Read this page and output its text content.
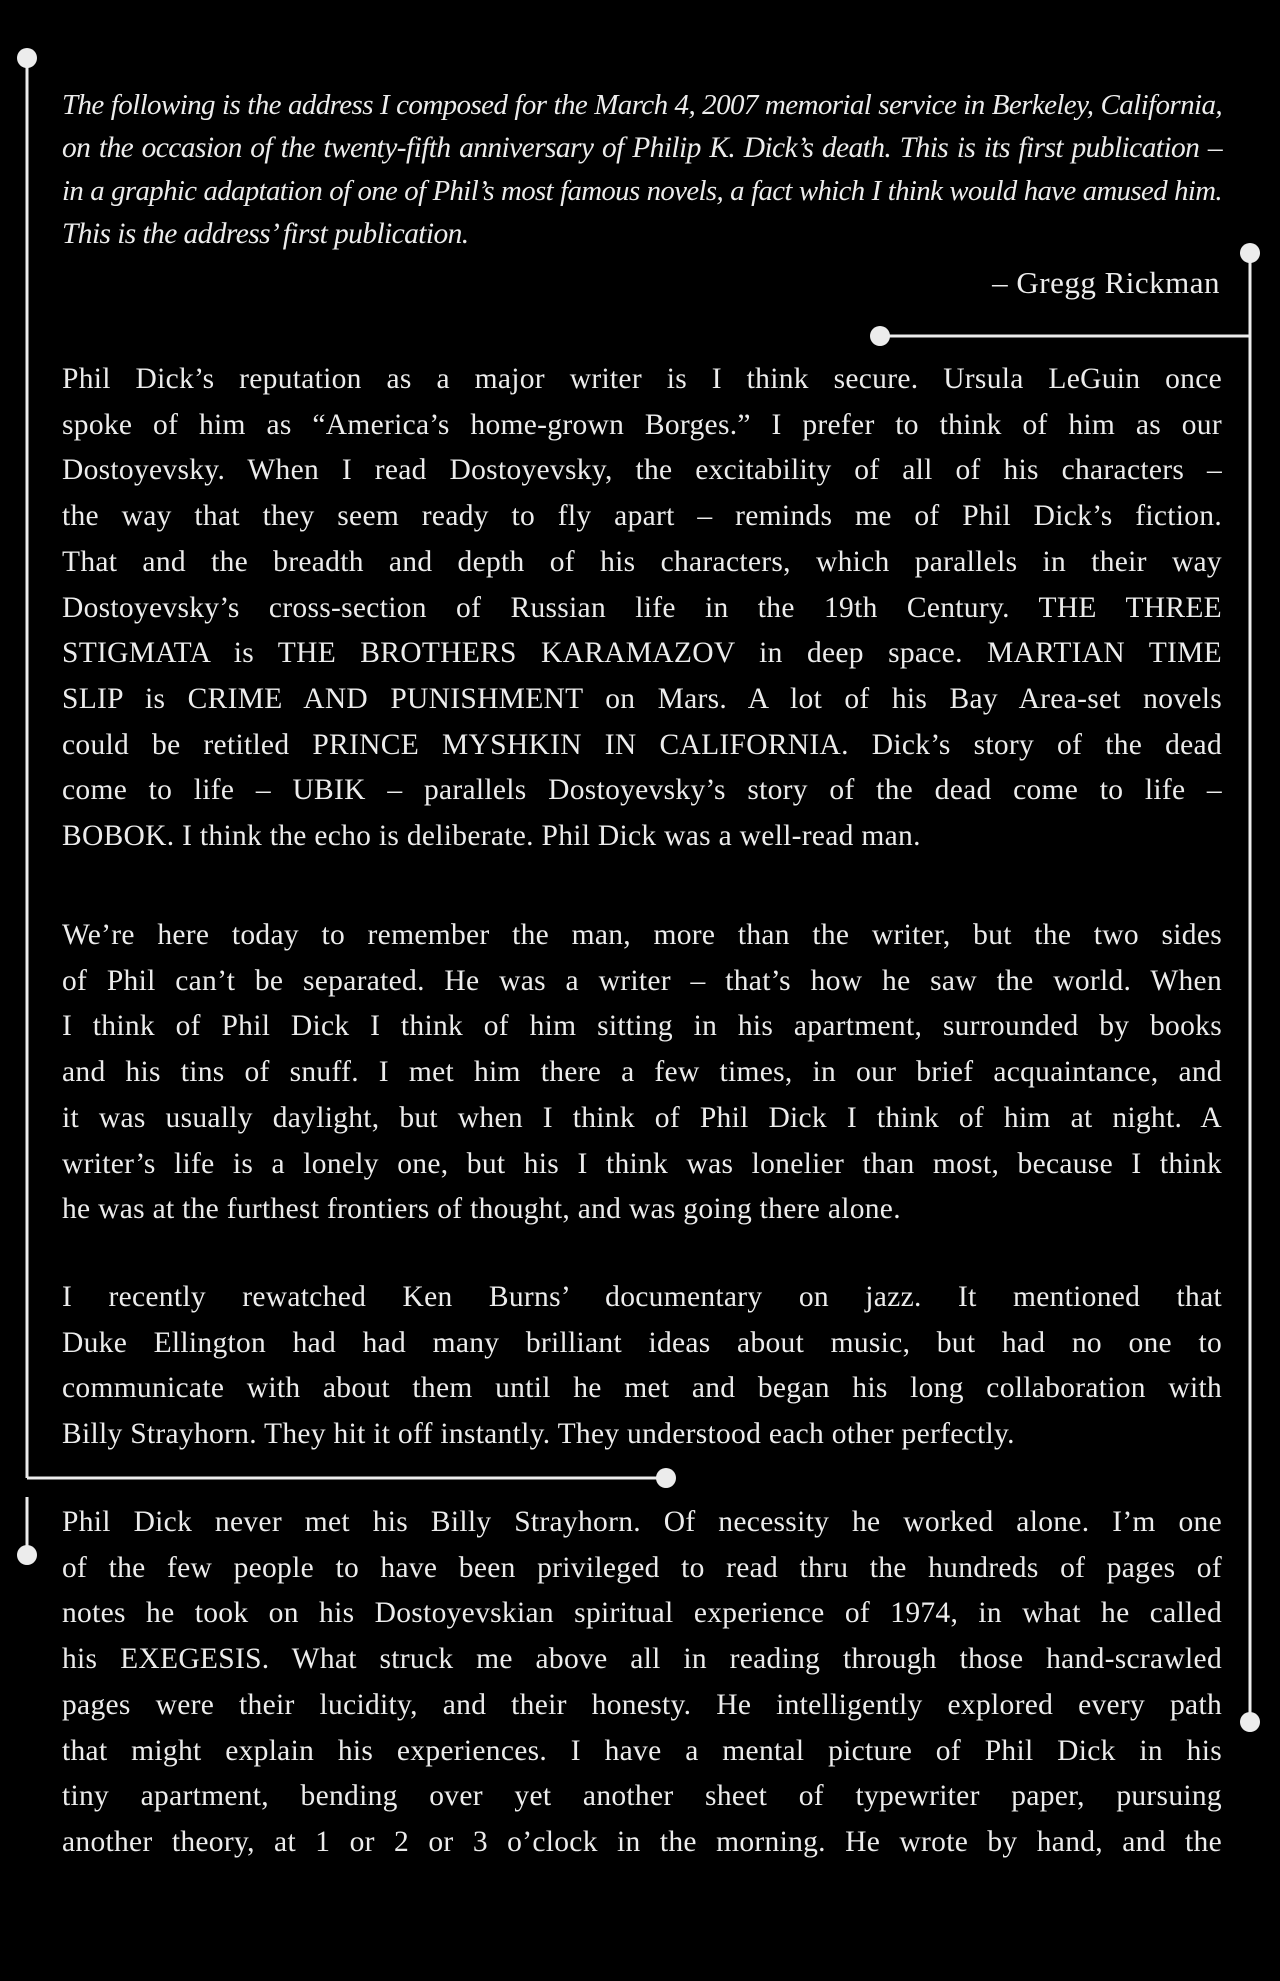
The following is the address I composed for the March 4, 2007 memorial service in Berkeley, California,
on the occasion of the twenty-fifth anniversary of Philip K. Dick’s death. This is its first publication –
in a graphic adaptation of one of Phil’s most famous novels, a fact which I think would have amused him.
This is the address’ first publication.
– Gregg Rickman
Phil Dick’s reputation as a major writer is I think secure. Ursula LeGuin once
spoke of him as “America’s home-grown Borges.” I prefer to think of him as our
Dostoyevsky. When I read Dostoyevsky, the excitability of all of his characters –
the way that they seem ready to fly apart – reminds me of Phil Dick’s fiction.
That and the breadth and depth of his characters, which parallels in their way
Dostoyevsky’s cross-section of Russian life in the 19th Century. THE THREE
STIGMATA is THE BROTHERS KARAMAZOV in deep space. MARTIAN TIME
SLIP is CRIME AND PUNISHMENT on Mars. A lot of his Bay Area-set novels
could be retitled PRINCE MYSHKIN IN CALIFORNIA. Dick’s story of the dead
come to life – UBIK – parallels Dostoyevsky’s story of the dead come to life –
BOBOK. I think the echo is deliberate. Phil Dick was a well-read man.
We’re here today to remember the man, more than the writer, but the two sides
of Phil can’t be separated. He was a writer – that’s how he saw the world. When
I think of Phil Dick I think of him sitting in his apartment, surrounded by books
and his tins of snuff. I met him there a few times, in our brief acquaintance, and
it was usually daylight, but when I think of Phil Dick I think of him at night. A
writer’s life is a lonely one, but his I think was lonelier than most, because I think
he was at the furthest frontiers of thought, and was going there alone.
I recently rewatched Ken Burns’ documentary on jazz. It mentioned that
Duke Ellington had had many brilliant ideas about music, but had no one to
communicate with about them until he met and began his long collaboration with
Billy Strayhorn. They hit it off instantly. They understood each other perfectly.
Phil Dick never met his Billy Strayhorn. Of necessity he worked alone. I’m one
of the few people to have been privileged to read thru the hundreds of pages of
notes he took on his Dostoyevskian spiritual experience of 1974, in what he called
his EXEGESIS. What struck me above all in reading through those hand-scrawled
pages were their lucidity, and their honesty. He intelligently explored every path
that might explain his experiences. I have a mental picture of Phil Dick in his
tiny apartment, bending over yet another sheet of typewriter paper, pursuing
another theory, at 1 or 2 or 3 o’clock in the morning. He wrote by hand, and the
